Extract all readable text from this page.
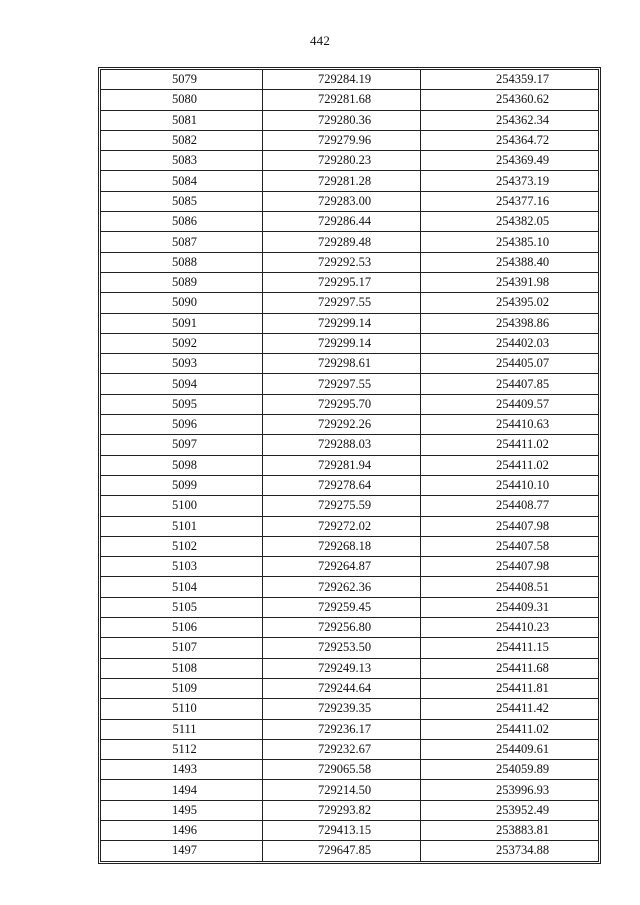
442
5079	729284.19	254359.17
5080	729281.68	254360.62
5081	729280.36	254362.34
5082	729279.96	254364.72
5083	729280.23	254369.49
5084	729281.28	254373.19
5085	729283.00	254377.16
5086	729286.44	254382.05
5087	729289.48	254385.10
5088	729292.53	254388.40
5089	729295.17	254391.98
5090	729297.55	254395.02
5091	729299.14	254398.86
5092	729299.14	254402.03
5093	729298.61	254405.07
5094	729297.55	254407.85
5095	729295.70	254409.57
5096	729292.26	254410.63
5097	729288.03	254411.02
5098	729281.94	254411.02
5099	729278.64	254410.10
5100	729275.59	254408.77
5101	729272.02	254407.98
5102	729268.18	254407.58
5103	729264.87	254407.98
5104	729262.36	254408.51
5105	729259.45	254409.31
5106	729256.80	254410.23
5107	729253.50	254411.15
5108	729249.13	254411.68
5109	729244.64	254411.81
5110	729239.35	254411.42
5111	729236.17	254411.02
5112	729232.67	254409.61
1493	729065.58	254059.89
1494	729214.50	253996.93
1495	729293.82	253952.49
1496	729413.15	253883.81
1497	729647.85	253734.88
